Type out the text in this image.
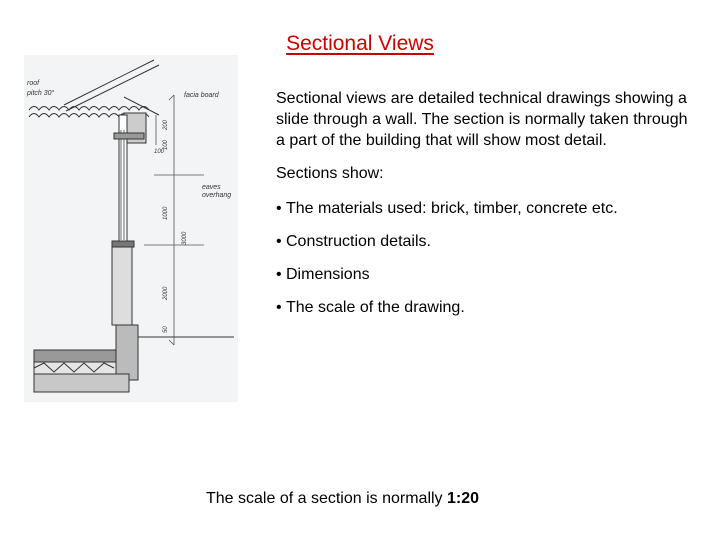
Sectional Views
roof
pitch 30°	facia board
eaves
overhang
200
100
100
1000
3000
2000
50

Sectional views are detailed technical drawings showing a slide through a wall. The section is normally taken through a part of the building that will show most detail.

Sections show:

• The materials used: brick, timber, concrete etc.
• Construction details.
• Dimensions
• The scale of the drawing.

The scale of a section is normally 1:20
